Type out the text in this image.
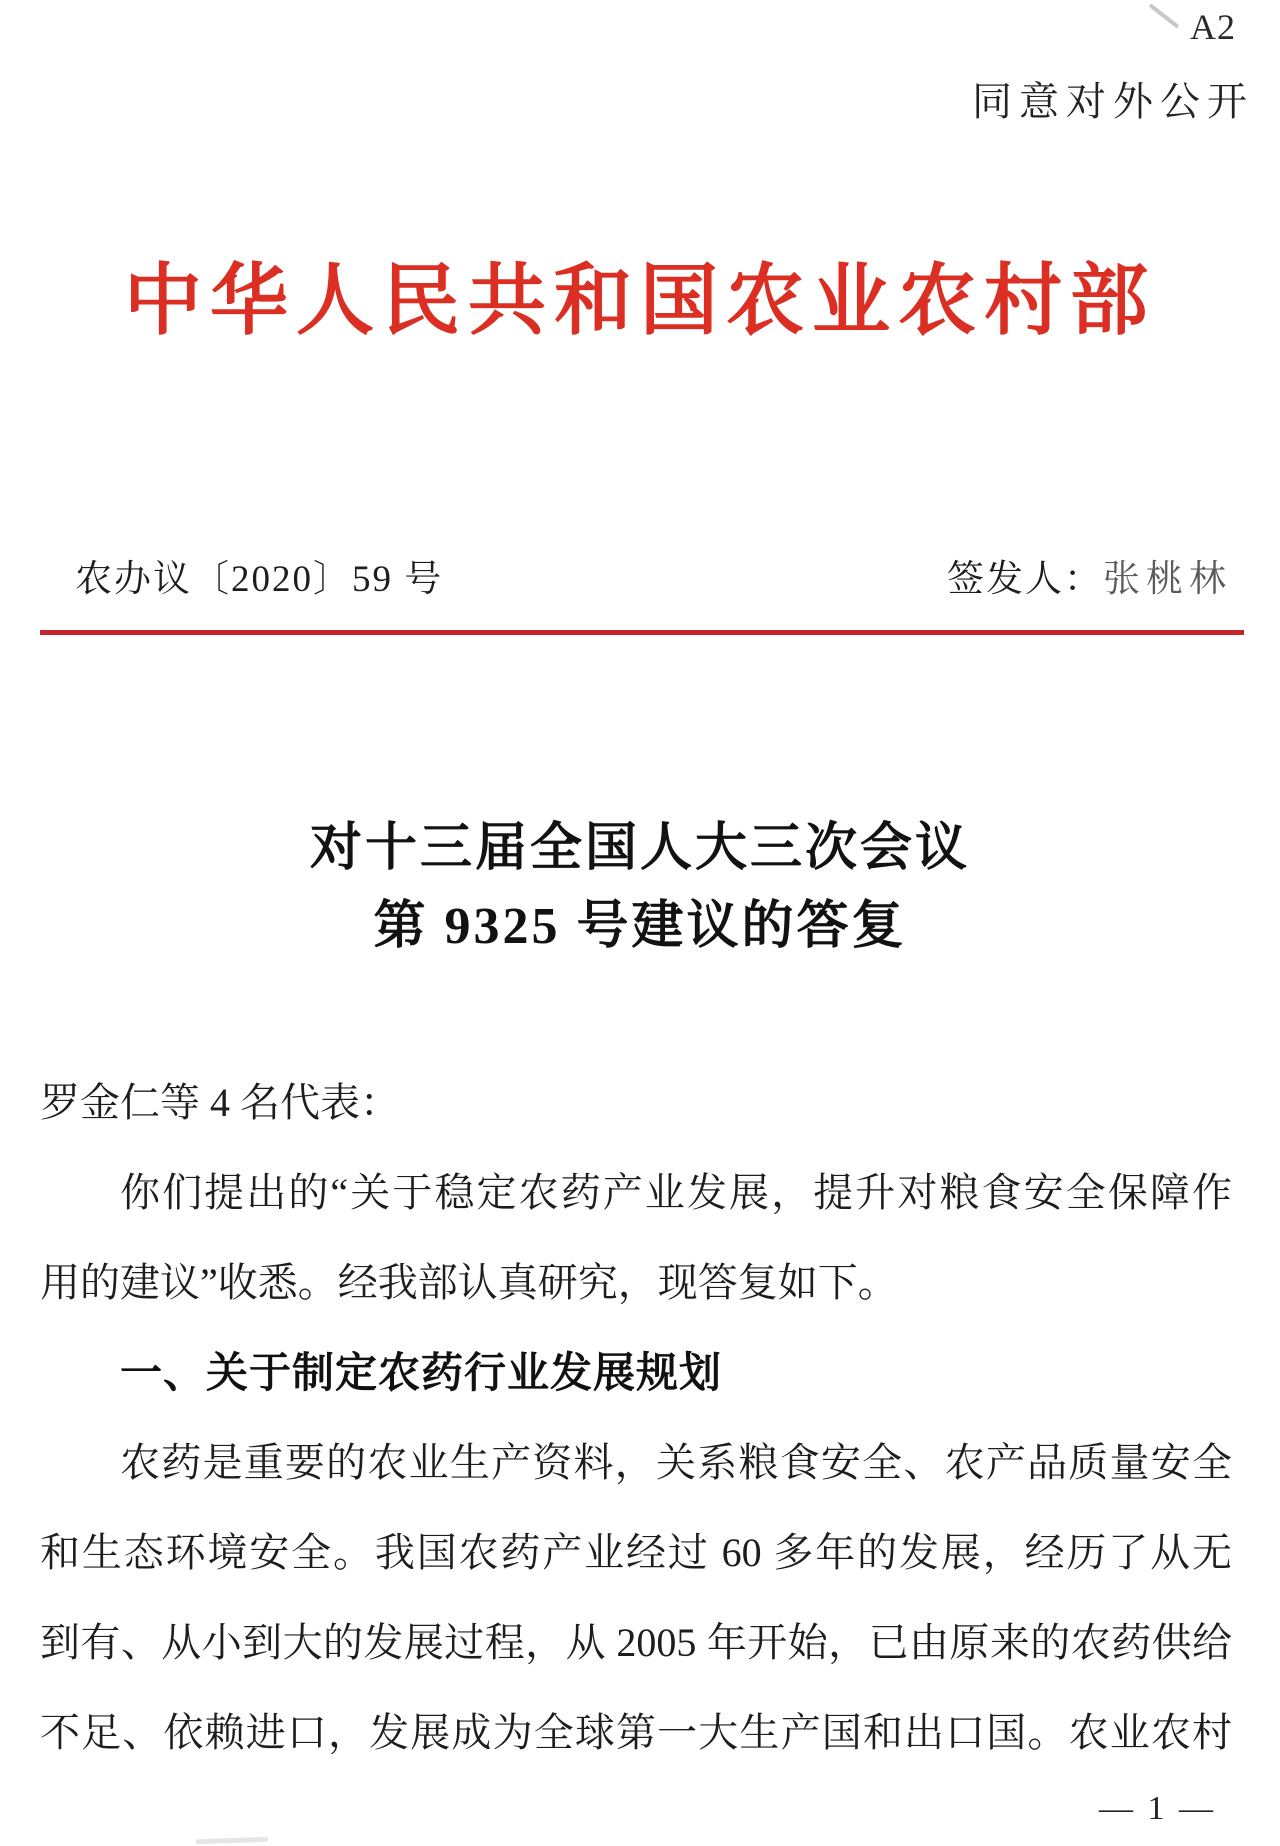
A2
同意对外公开
中华人民共和国农业农村部
农办议〔2020〕59 号	签发人：张桃林
对十三届全国人大三次会议
第 9325 号建议的答复
罗金仁等 4 名代表：
你们提出的“关于稳定农药产业发展，提升对粮食安全保障作
用的建议”收悉。经我部认真研究，现答复如下。
一、关于制定农药行业发展规划
农药是重要的农业生产资料，关系粮食安全、农产品质量安全
和生态环境安全。我国农药产业经过 60 多年的发展，经历了从无
到有、从小到大的发展过程，从 2005 年开始，已由原来的农药供给
不足、依赖进口，发展成为全球第一大生产国和出口国。农业农村
— 1 —
